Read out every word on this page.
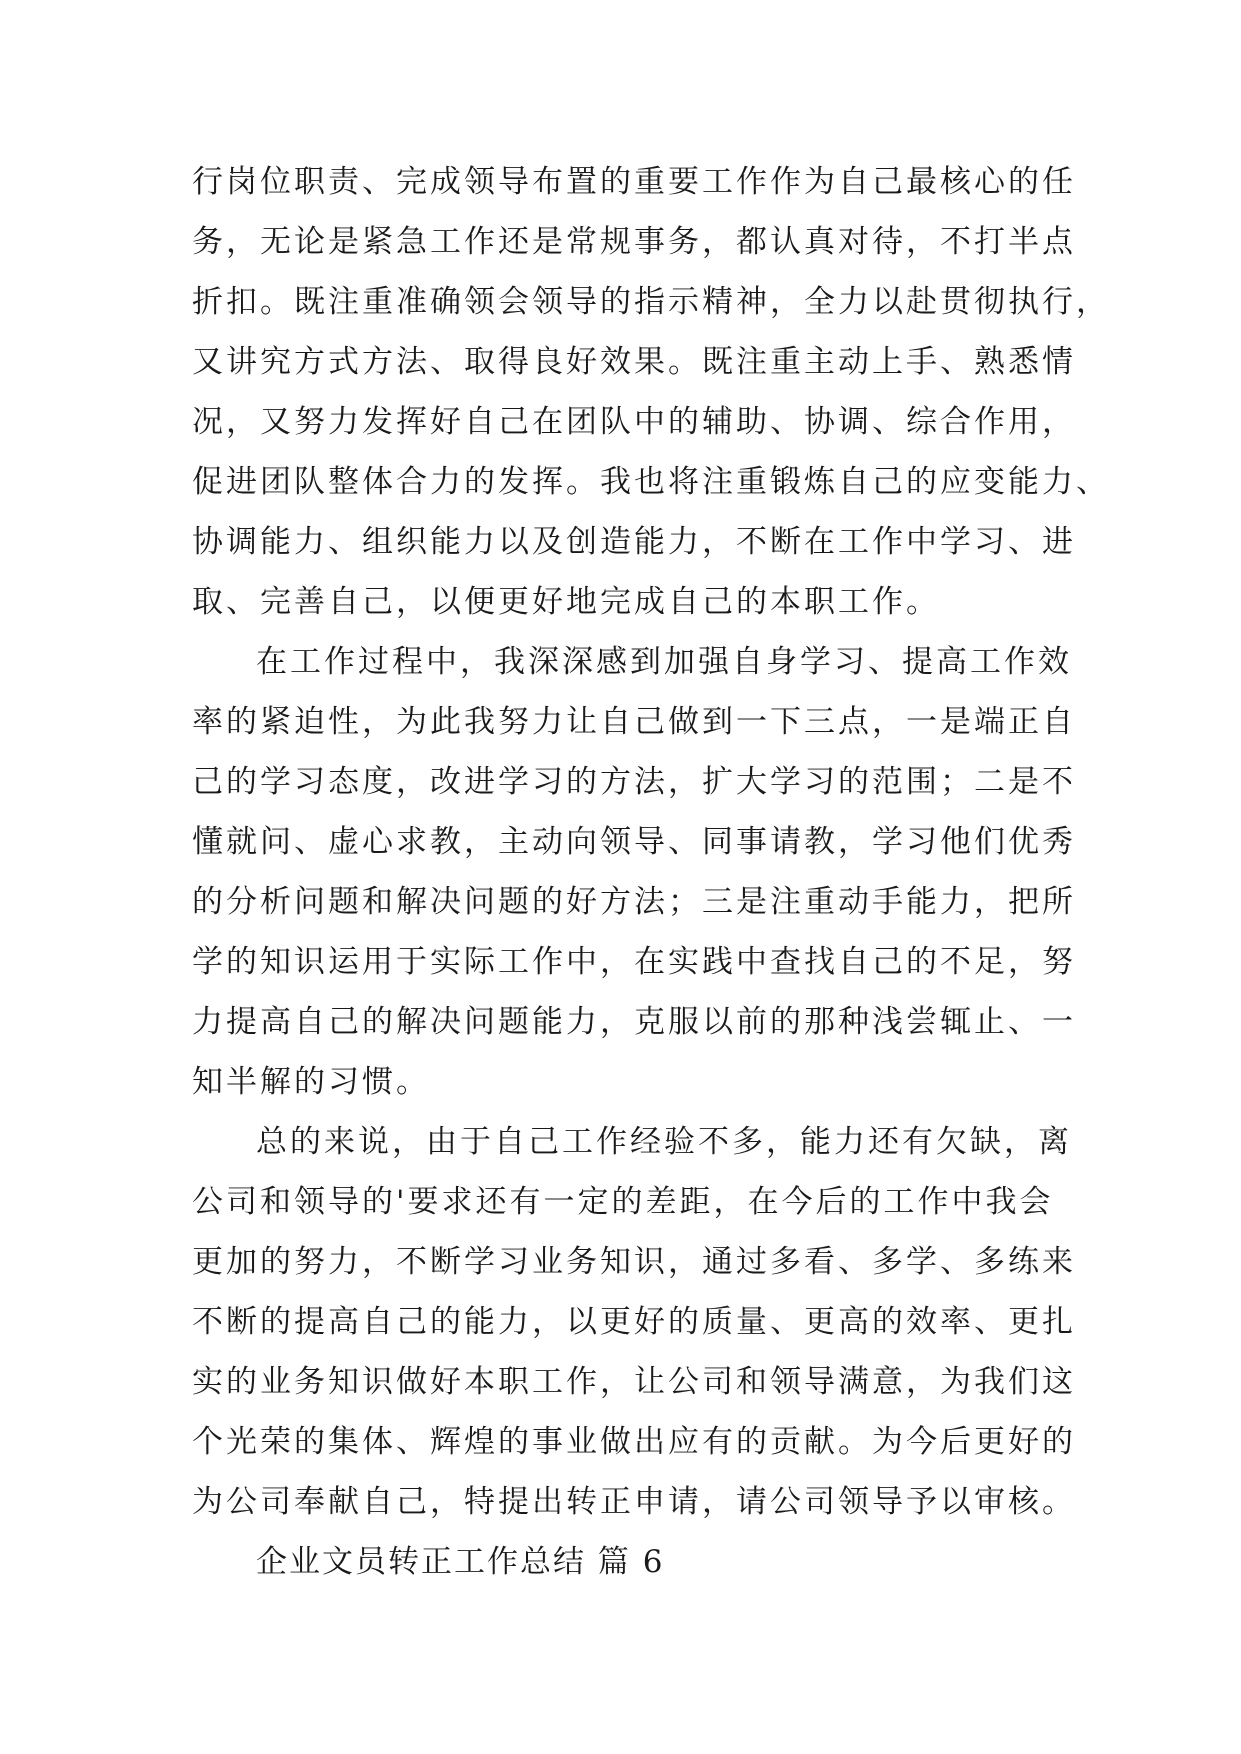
行岗位职责、完成领导布置的重要工作作为自己最核心的任
务，无论是紧急工作还是常规事务，都认真对待，不打半点
折扣。既注重准确领会领导的指示精神，全力以赴贯彻执行，
又讲究方式方法、取得良好效果。既注重主动上手、熟悉情
况，又努力发挥好自己在团队中的辅助、协调、综合作用，
促进团队整体合力的发挥。我也将注重锻炼自己的应变能力、
协调能力、组织能力以及创造能力，不断在工作中学习、进
取、完善自己，以便更好地完成自己的本职工作。
在工作过程中，我深深感到加强自身学习、提高工作效
率的紧迫性，为此我努力让自己做到一下三点，一是端正自
己的学习态度，改进学习的方法，扩大学习的范围；二是不
懂就问、虚心求教，主动向领导、同事请教，学习他们优秀
的分析问题和解决问题的好方法；三是注重动手能力，把所
学的知识运用于实际工作中，在实践中查找自己的不足，努
力提高自己的解决问题能力，克服以前的那种浅尝辄止、一
知半解的习惯。
总的来说，由于自己工作经验不多，能力还有欠缺，离
公司和领导的'要求还有一定的差距，在今后的工作中我会
更加的努力，不断学习业务知识，通过多看、多学、多练来
不断的提高自己的能力，以更好的质量、更高的效率、更扎
实的业务知识做好本职工作，让公司和领导满意，为我们这
个光荣的集体、辉煌的事业做出应有的贡献。为今后更好的
为公司奉献自己，特提出转正申请，请公司领导予以审核。
企业文员转正工作总结 篇 6
